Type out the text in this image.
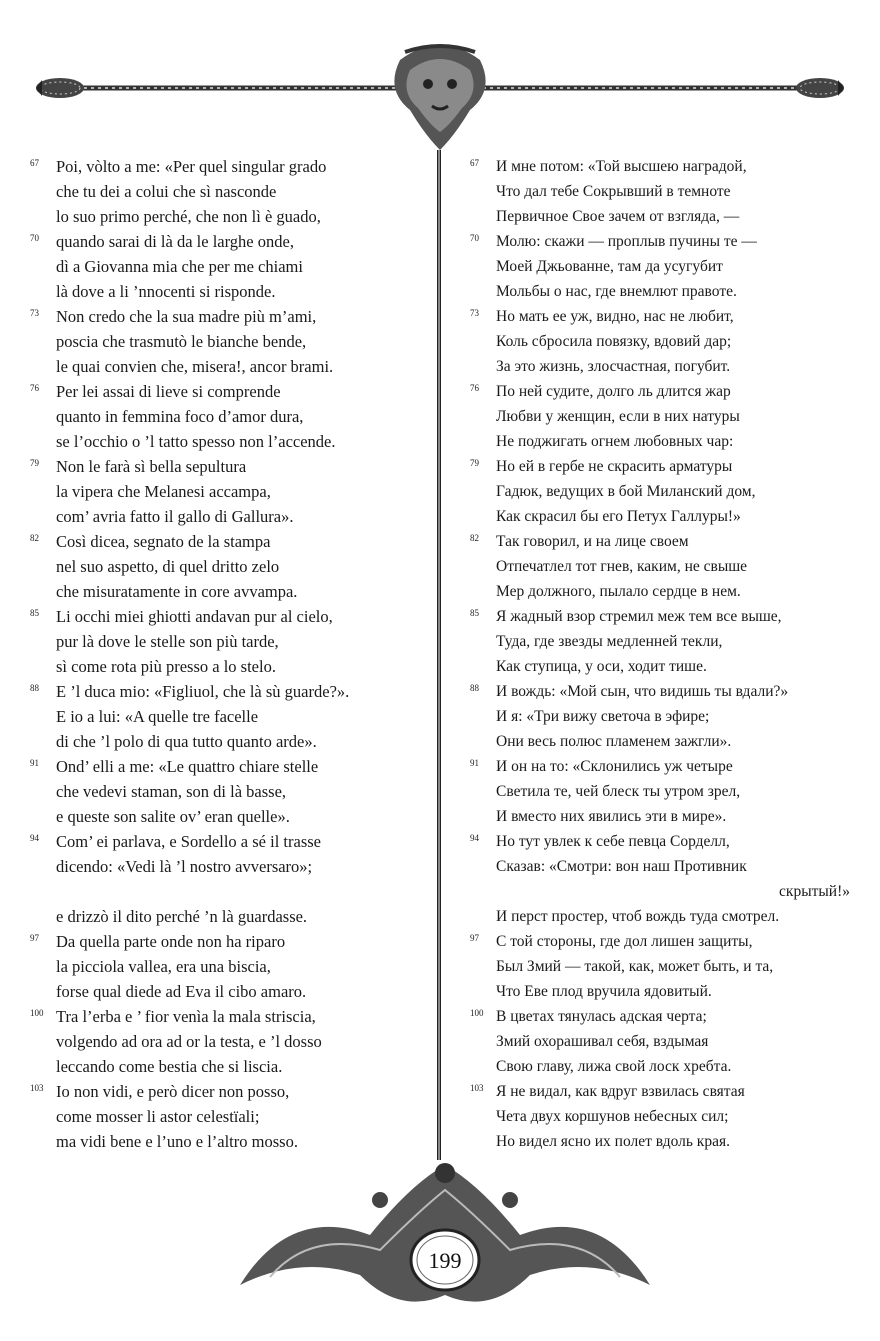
67	Poi, vòlto a me: «Per quel singular grado
che tu dei a colui che sì nasconde
lo suo primo perché, che non lì è guado,
70	quando sarai di là da le larghe onde,
dì a Giovanna mia che per me chiami
là dove a li ’nnocenti si risponde.
73	Non credo che la sua madre più m’ami,
poscia che trasmutò le bianche bende,
le quai convien che, misera!, ancor brami.
76	Per lei assai di lieve si comprende
quanto in femmina foco d’amor dura,
se l’occhio o ’l tatto spesso non l’accende.
79	Non le farà sì bella sepultura
la vipera che Melanesi accampa,
com’ avria fatto il gallo di Gallura».
82	Così dicea, segnato de la stampa
nel suo aspetto, di quel dritto zelo
che misuratamente in core avvampa.
85	Li occhi miei ghiotti andavan pur al cielo,
pur là dove le stelle son più tarde,
sì come rota più presso a lo stelo.
88	E ’l duca mio: «Figliuol, che là sù guarde?».
E io a lui: «A quelle tre facelle
di che ’l polo di qua tutto quanto arde».
91	Ond’ elli a me: «Le quattro chiare stelle
che vedevi staman, son di là basse,
e queste son salite ov’ eran quelle».
94	Com’ ei parlava, e Sordello a sé il trasse
dicendo: «Vedi là ’l nostro avversaro»;
e drizzò il dito perché ’n là guardasse.
97	Da quella parte onde non ha riparo
la picciola vallea, era una biscia,
forse qual diede ad Eva il cibo amaro.
100 Tra l’erba e ’ fior venìa la mala striscia,
volgendo ad ora ad or la testa, e ’l dosso
leccando come bestia che si liscia.
103 Io non vidi, e però dicer non posso,
come mosser li astor celestïali;
ma vidi bene e l’uno e l’altro mosso.
67	И мне потом: «Той высшею наградой,
Что дал тебе Сокрывший в темноте
Первичное Свое зачем от взгляда, —
70	Молю: скажи — проплыв пучины те —
Моей Джьованне, там да усугубит
Мольбы о нас, где внемлют правоте.
73	Но мать ее уж, видно, нас не любит,
Коль сбросила повязку, вдовий дар;
За это жизнь, злосчастная, погубит.
76	По ней судите, долго ль длится жар
Любви у женщин, если в них натуры
Не поджигать огнем любовных чар:
79	Но ей в гербе не скрасить арматуры
Гадюк, ведущих в бой Миланский дом,
Как скрасил бы его Петух Галлуры!»
82	Так говорил, и на лице своем
Отпечатлел тот гнев, каким, не свыше
Мер должного, пылало сердце в нем.
85	Я жадный взор стремил меж тем все выше,
Туда, где звезды медленней текли,
Как ступица, у оси, ходит тише.
88	И вождь: «Мой сын, что видишь ты вдали?»
И я: «Три вижу светоча в эфире;
Они весь полюс пламенем зажгли».
91	И он на то: «Склонились уж четыре
Светила те, чей блеск ты утром зрел,
И вместо них явились эти в мире».
94	Но тут увлек к себе певца Сорделл,
Сказав: «Смотри: вон наш Противник
скрытый!»
И перст простер, чтоб вождь туда смотрел.
97	С той стороны, где дол лишен защиты,
Был Змий — такой, как, может быть, и та,
Что Еве плод вручила ядовитый.
100 В цветах тянулась адская черта;
Змий охорашивал себя, вздымая
Свою главу, лижа свой лоск хребта.
103 Я не видал, как вдруг взвилась святая
Чета двух коршунов небесных сил;
Но видел ясно их полет вдоль края.
199
